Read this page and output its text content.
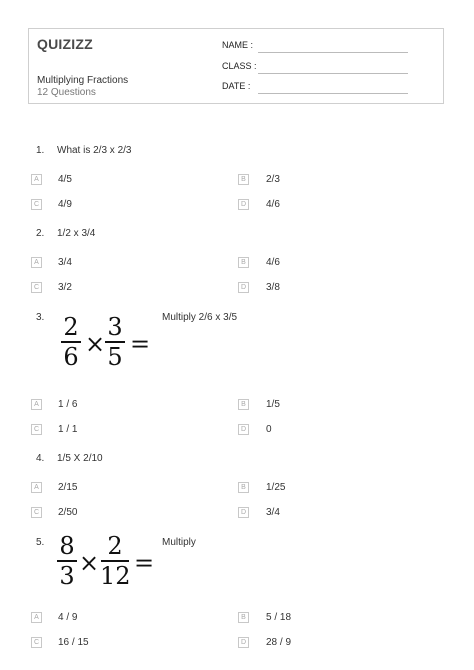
QUIZIZZ
Multiplying Fractions
12 Questions
NAME :
CLASS :
DATE :
1. What is 2/3 x 2/3
A	4/5	B	2/3
C 4/9	D 4/6
2. 1/2 x 3/4
A	3/4	B	4/6
C 3/2	D 3/8
3.	Multiply 2/6 x 3/5
2
6 ×
3
5 =
A	1 / 6	B	1/5
C 1 / 1	D 0
4. 1/5 X 2/10
A	2/15	B	1/25
C 2/50	D 3/4
5.	Multiply
8
3 ×
2
12 =
A	4 / 9	B	5 / 18
C 16 / 15	D 28 / 9
